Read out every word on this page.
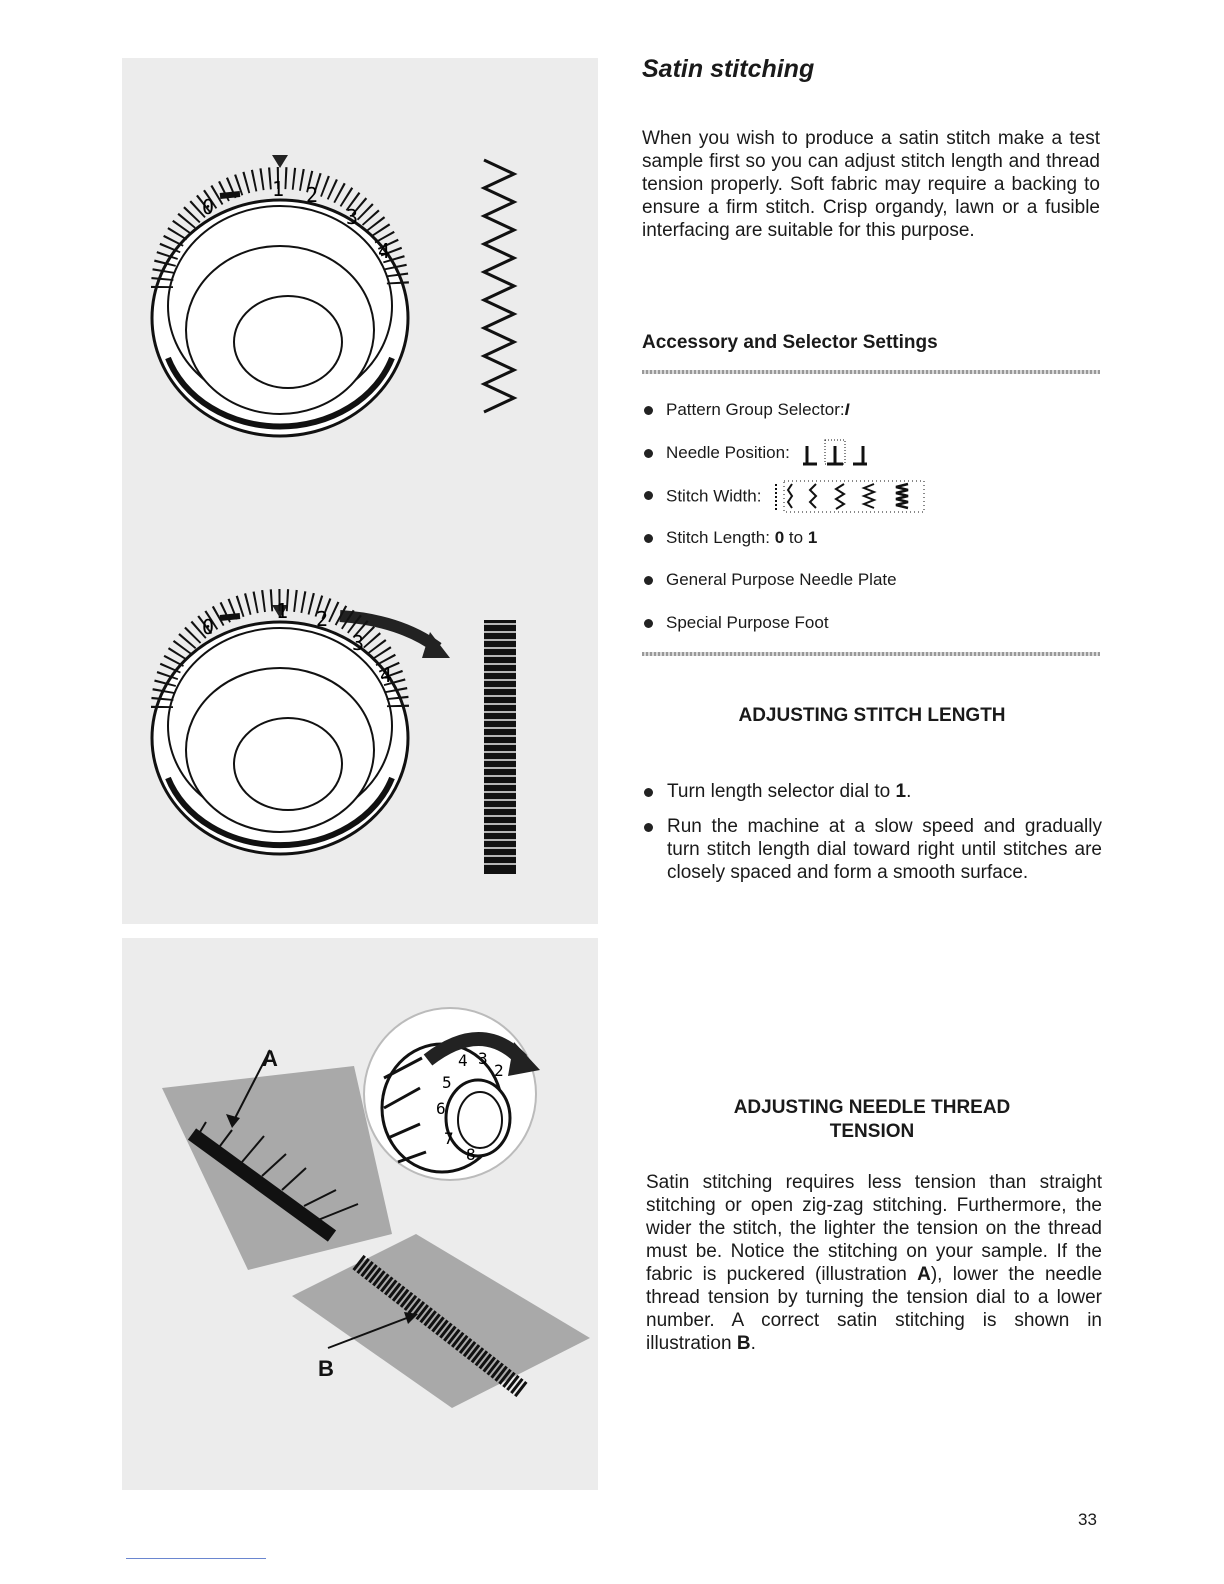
0
1 2
3
4
0
1 2
3
4
2
3
4
5
6
7
8
A
B
Satin stitching

When you wish to produce a satin stitch make a test sample first so you can adjust stitch length and thread tension properly. Soft fabric may require a backing to ensure a firm stitch. Crisp organdy, lawn or a fusible interfacing are suitable for this purpose.

Accessory and Selector Settings
Pattern Group Selector:I
Needle Position:
Stitch Width:
Stitch Length: 0 to 1
General Purpose Needle Plate
Special Purpose Foot
ADJUSTING STITCH LENGTH
Turn length selector dial to 1.
Run the machine at a slow speed and gradually turn stitch length dial toward right until stitches are closely spaced and form a smooth surface.
ADJUSTING NEEDLE THREAD
TENSION

Satin stitching requires less tension than straight stitching or open zig-zag stitching. Furthermore, the wider the stitch, the lighter the tension on the thread must be. Notice the stitching on your sample. If the fabric is puckered (illustration A), lower the needle thread tension by turning the tension dial to a lower number. A correct satin stitching is shown in illustration B.

33
